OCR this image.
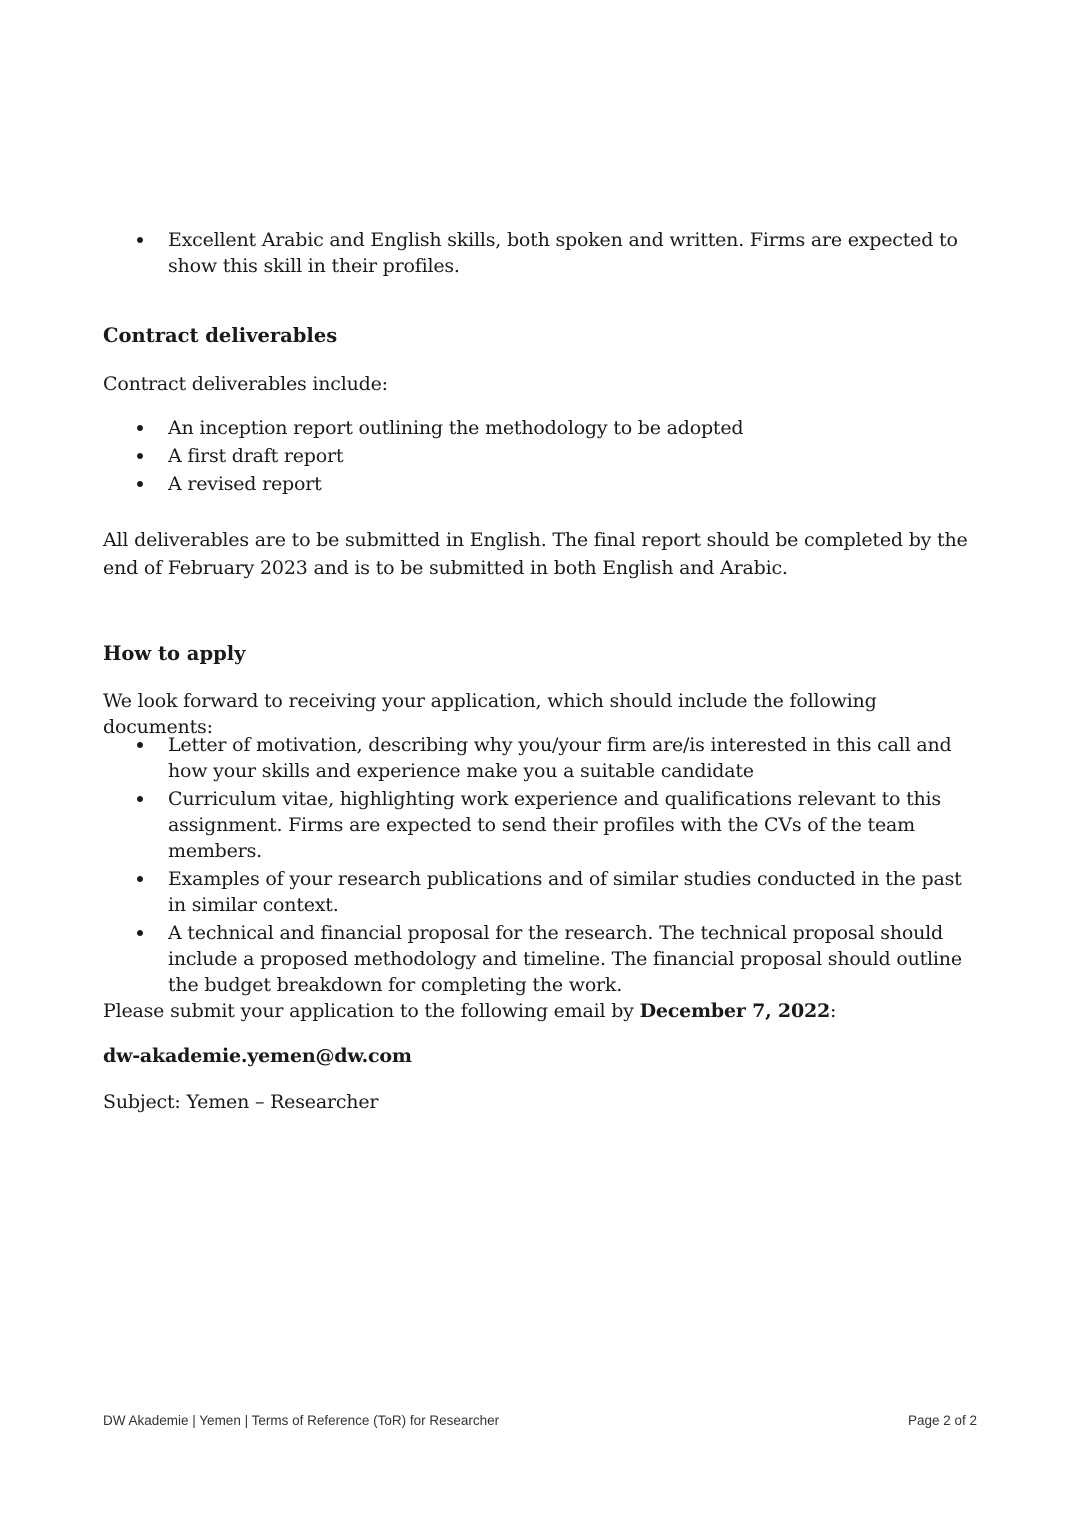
Excellent Arabic and English skills, both spoken and written. Firms are expected to show this skill in their profiles.
Contract deliverables
Contract deliverables include:
An inception report outlining the methodology to be adopted
A first draft report
A revised report
All deliverables are to be submitted in English. The final report should be completed by the end of February 2023 and is to be submitted in both English and Arabic.
How to apply
We look forward to receiving your application, which should include the following documents:
Letter of motivation, describing why you/your firm are/is interested in this call and how your skills and experience make you a suitable candidate
Curriculum vitae, highlighting work experience and qualifications relevant to this assignment. Firms are expected to send their profiles with the CVs of the team members.
Examples of your research publications and of similar studies conducted in the past in similar context.
A technical and financial proposal for the research. The technical proposal should include a proposed methodology and timeline. The financial proposal should outline the budget breakdown for completing the work.
Please submit your application to the following email by December 7, 2022:
dw-akademie.yemen@dw.com
Subject: Yemen – Researcher
DW Akademie | Yemen | Terms of Reference (ToR) for Researcher	Page 2 of 2
